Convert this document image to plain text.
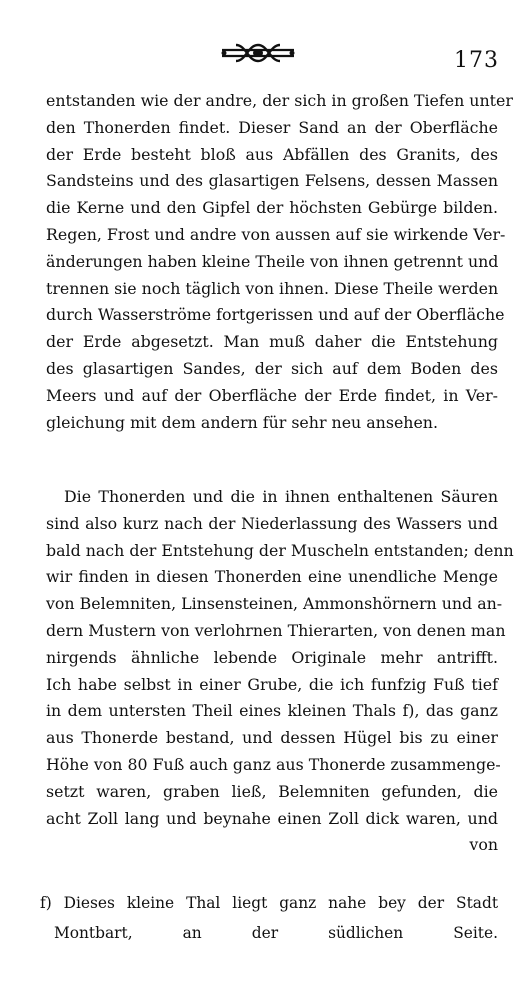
173
entstanden wie der andre, der sich in großen Tiefen unter
den Thonerden findet. Dieser Sand an der Oberfläche
der Erde besteht bloß aus Abfällen des Granits, des
Sandsteins und des glasartigen Felsens, dessen Massen
die Kerne und den Gipfel der höchsten Gebürge bilden.
Regen, Frost und andre von aussen auf sie wirkende Ver-
änderungen haben kleine Theile von ihnen getrennt und
trennen sie noch täglich von ihnen. Diese Theile werden
durch Wasserströme fortgerissen und auf der Oberfläche
der Erde abgesetzt. Man muß daher die Entstehung
des glasartigen Sandes, der sich auf dem Boden des
Meers und auf der Oberfläche der Erde findet, in Ver-
gleichung mit dem andern für sehr neu ansehen.
Die Thonerden und die in ihnen enthaltenen Säuren
sind also kurz nach der Niederlassung des Wassers und
bald nach der Entstehung der Muscheln entstanden; denn
wir finden in diesen Thonerden eine unendliche Menge
von Belemniten, Linsensteinen, Ammonshörnern und an-
dern Mustern von verlohrnen Thierarten, von denen man
nirgends ähnliche lebende Originale mehr antrifft.
Ich habe selbst in einer Grube, die ich funfzig Fuß tief
in dem untersten Theil eines kleinen Thals f), das ganz
aus Thonerde bestand, und dessen Hügel bis zu einer
Höhe von 80 Fuß auch ganz aus Thonerde zusammenge-
setzt waren, graben ließ, Belemniten gefunden, die
acht Zoll lang und beynahe einen Zoll dick waren, und
von
f) Dieses kleine Thal liegt ganz nahe bey der Stadt
Montbart, an der südlichen Seite.
